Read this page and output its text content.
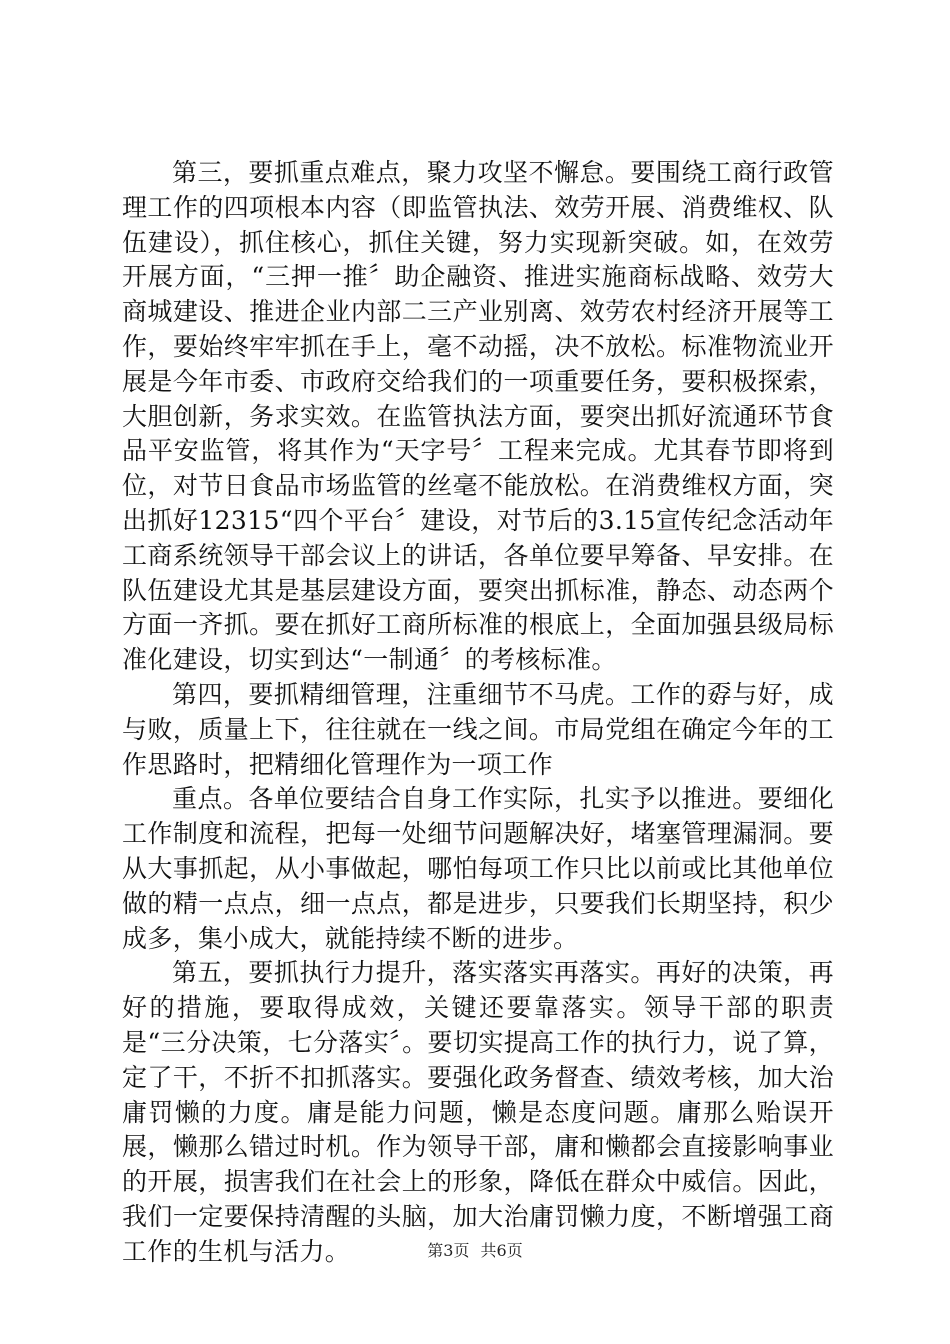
第三，要抓重点难点，聚力攻坚不懈怠。要围绕工商行政管理工作的四项根本内容（即监管执法、效劳开展、消费维权、队伍建设），抓住核心，抓住关键，努力实现新突破。如，在效劳开展方面，“三押一推〞助企融资、推进实施商标战略、效劳大商城建设、推进企业内部二三产业别离、效劳农村经济开展等工作，要始终牢牢抓在手上，毫不动摇，决不放松。标准物流业开展是今年市委、市政府交给我们的一项重要任务，要积极探索，大胆创新，务求实效。在监管执法方面，要突出抓好流通环节食品平安监管，将其作为“天字号〞工程来完成。尤其春节即将到位，对节日食品市场监管的丝毫不能放松。在消费维权方面，突出抓好12315“四个平台〞建设，对节后的3.15宣传纪念活动年工商系统领导干部会议上的讲话，各单位要早筹备、早安排。在队伍建设尤其是基层建设方面，要突出抓标准，静态、动态两个方面一齐抓。要在抓好工商所标准的根底上，全面加强县级局标准化建设，切实到达“一制通〞的考核标准。

第四，要抓精细管理，注重细节不马虎。工作的孬与好，成与败，质量上下，往往就在一线之间。市局党组在确定今年的工作思路时，把精细化管理作为一项工作

重点。各单位要结合自身工作实际，扎实予以推进。要细化工作制度和流程，把每一处细节问题解决好，堵塞管理漏洞。要从大事抓起，从小事做起，哪怕每项工作只比以前或比其他单位做的精一点点，细一点点，都是进步，只要我们长期坚持，积少成多，集小成大，就能持续不断的进步。

第五，要抓执行力提升，落实落实再落实。再好的决策，再好的措施，要取得成效，关键还要靠落实。领导干部的职责是“三分决策，七分落实〞。要切实提高工作的执行力，说了算，定了干，不折不扣抓落实。要强化政务督查、绩效考核，加大治庸罚懒的力度。庸是能力问题，懒是态度问题。庸那么贻误开展，懒那么错过时机。作为领导干部，庸和懒都会直接影响事业的开展，损害我们在社会上的形象，降低在群众中威信。因此，我们一定要保持清醒的头脑，加大治庸罚懒力度，不断增强工商工作的生机与活力。	第3页 共6页
